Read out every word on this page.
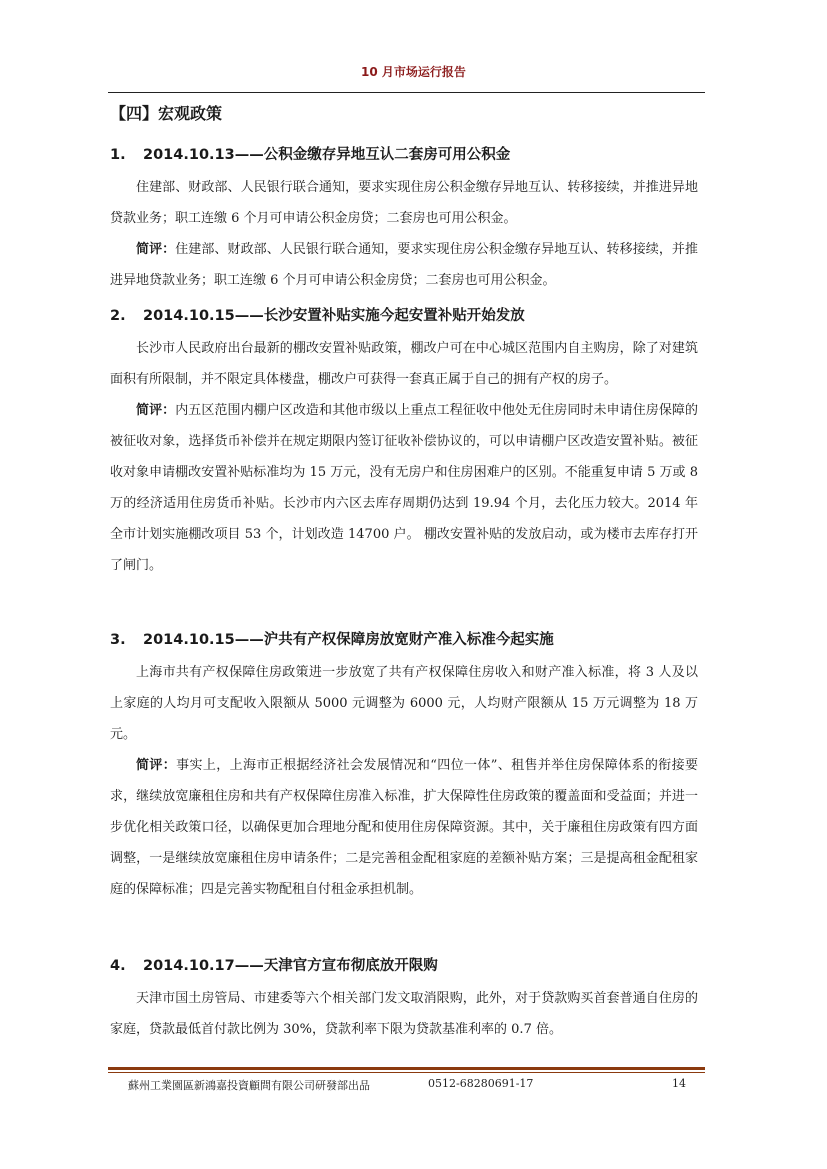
10 月市场运行报告
【四】宏观政策
1.	2014.10.13——公积金缴存异地互认二套房可用公积金

住建部、财政部、人民银行联合通知，要求实现住房公积金缴存异地互认、转移接续，并推进异地贷款业务；职工连缴 6 个月可申请公积金房贷；二套房也可用公积金。

简评：住建部、财政部、人民银行联合通知，要求实现住房公积金缴存异地互认、转移接续，并推进异地贷款业务；职工连缴 6 个月可申请公积金房贷；二套房也可用公积金。

2.	2014.10.15——长沙安置补贴实施今起安置补贴开始发放

长沙市人民政府出台最新的棚改安置补贴政策，棚改户可在中心城区范围内自主购房，除了对建筑面积有所限制，并不限定具体楼盘，棚改户可获得一套真正属于自己的拥有产权的房子。

简评：内五区范围内棚户区改造和其他市级以上重点工程征收中他处无住房同时未申请住房保障的被征收对象，选择货币补偿并在规定期限内签订征收补偿协议的，可以申请棚户区改造安置补贴。被征收对象申请棚改安置补贴标准均为 15 万元，没有无房户和住房困难户的区别。不能重复申请 5 万或 8 万的经济适用住房货币补贴。长沙市内六区去库存周期仍达到 19.94 个月，去化压力较大。2014 年全市计划实施棚改项目 53 个，计划改造 14700 户。 棚改安置补贴的发放启动，或为楼市去库存打开了闸门。

3.	2014.10.15——沪共有产权保障房放宽财产准入标准今起实施

上海市共有产权保障住房政策进一步放宽了共有产权保障住房收入和财产准入标准，将 3 人及以上家庭的人均月可支配收入限额从 5000 元调整为 6000 元，人均财产限额从 15 万元调整为 18 万元。

简评：事实上，上海市正根据经济社会发展情况和“四位一体”、租售并举住房保障体系的衔接要求，继续放宽廉租住房和共有产权保障住房准入标准，扩大保障性住房政策的覆盖面和受益面；并进一步优化相关政策口径，以确保更加合理地分配和使用住房保障资源。其中，关于廉租住房政策有四方面调整，一是继续放宽廉租住房申请条件；二是完善租金配租家庭的差额补贴方案；三是提高租金配租家庭的保障标准；四是完善实物配租自付租金承担机制。

4.	2014.10.17——天津官方宣布彻底放开限购

天津市国土房管局、市建委等六个相关部门发文取消限购，此外，对于贷款购买首套普通自住房的家庭，贷款最低首付款比例为 30%，贷款利率下限为贷款基准利率的 0.7 倍。

蘇州工業園區新鴻嘉投資顧問有限公司研發部出品	0512-68280691-17	14
